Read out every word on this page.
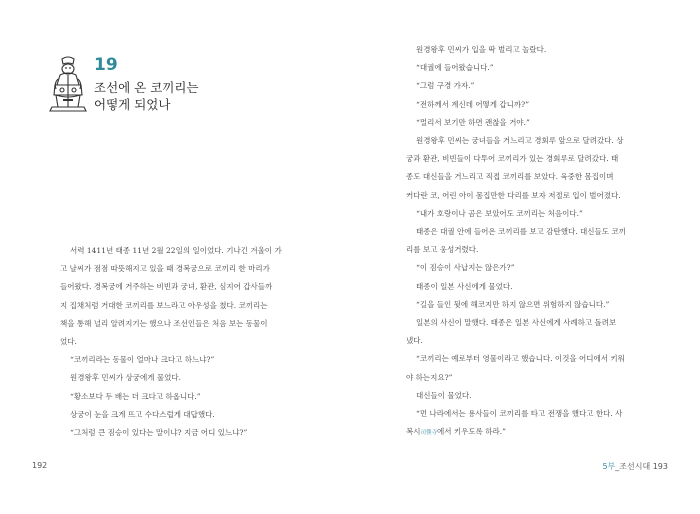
19
조선에 온 코끼리는
어떻게 되었나

서력 1411년 태종 11년 2월 22일의 일이었다. 기나긴 겨울이 가

고 날씨가 점점 따뜻해지고 있을 때 경복궁으로 코끼리 한 마리가

들어왔다. 경복궁에 거주하는 비빈과 궁녀, 환관, 심지어 갑사들까

지 집채처럼 거대한 코끼리를 보느라고 아우성을 쳤다. 코끼리는

책을 통해 널리 알려지기는 했으나 조선인들은 처음 보는 동물이

었다.

“코끼리라는 동물이 얼마나 크다고 하느냐?”

원경왕후 민씨가 상궁에게 물었다.

“황소보다 두 배는 더 크다고 하옵니다.”

상궁이 눈을 크게 뜨고 수다스럽게 대답했다.

“그처럼 큰 짐승이 있다는 말이냐? 지금 어디 있느냐?”

192

원경왕후 민씨가 입을 딱 벌리고 놀랐다.

“대궐에 들어왔습니다.”

“그럼 구경 가자.”

“전하께서 계신데 어떻게 갑니까?”

“멀리서 보기만 하면 괜찮을 거야.”

원경왕후 민씨는 궁녀들을 거느리고 경회루 앞으로 달려갔다. 상

궁과 환관, 비빈들이 다투어 코끼리가 있는 경회루로 달려갔다. 태

종도 대신들을 거느리고 직접 코끼리를 보았다. 육중한 몸집이며

커다란 코, 어린 아이 몸집만한 다리를 보자 저절로 입이 벌어졌다.

“내가 호랑이나 곰은 보았어도 코끼리는 처음이다.”

태종은 대궐 안에 들어온 코끼리를 보고 감탄했다. 대신들도 코끼

리를 보고 웅성거렸다.

“이 짐승이 사납지는 않은가?”

태종이 일본 사신에게 물었다.

“길을 들인 뒷에 해코지만 하지 않으면 위험하지 않습니다.”

일본의 사신이 말했다. 태종은 일본 사신에게 사례하고 돌려보

냈다.

“코끼리는 예로부터 영물이라고 했습니다. 이것을 어디에서 키워

야 하는지요?”

대신들이 물었다.

“먼 나라에서는 용사들이 코끼리를 타고 전쟁을 했다고 한다. 사

복시司僕寺에서 키우도록 하라.”

5부_조선시대 193
